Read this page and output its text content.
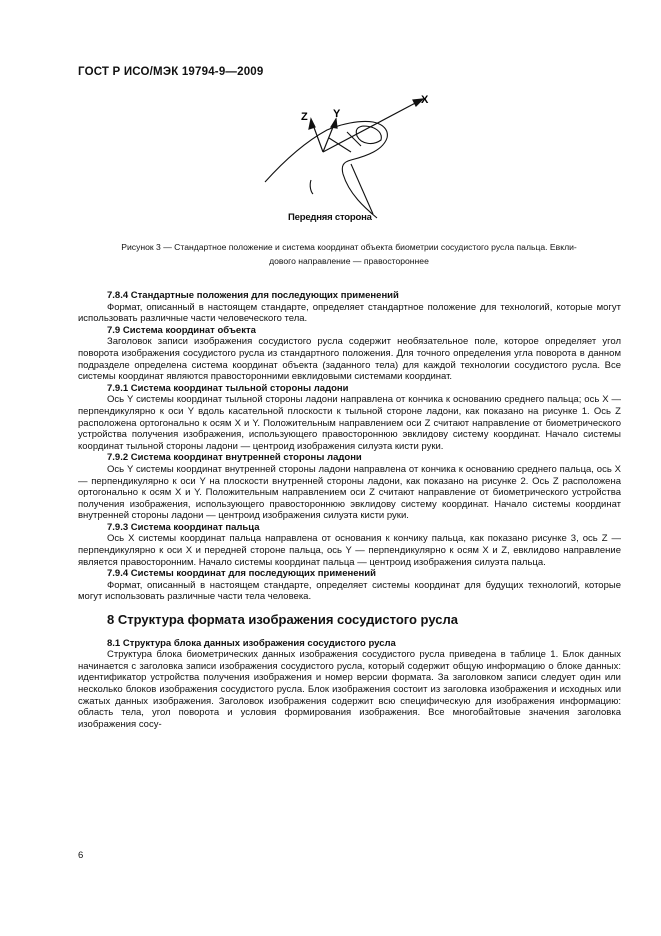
ГОСТ Р ИСО/МЭК 19794-9—2009
X
Z Y
Передняя сторона
Рисунок 3 — Стандартное положение и система координат объекта биометрии сосудистого русла пальца. Евкли-
дового направление — правостороннее
7.8.4 Стандартные положения для последующих применений

Формат, описанный в настоящем стандарте, определяет стандартное положение для технологий, которые могут использовать различные части человеческого тела.

7.9 Система координат объекта

Заголовок записи изображения сосудистого русла содержит необязательное поле, которое определяет угол поворота изображения сосудистого русла из стандартного положения. Для точного определения угла поворота в данном подразделе определена система координат объекта (заданного тела) для каждой технологии сосудистого русла. Все системы координат являются правосторонними евклидовыми системами координат.

7.9.1 Система координат тыльной стороны ладони

Ось Y системы координат тыльной стороны ладони направлена от кончика к основанию среднего пальца; ось X — перпендикулярно к оси Y вдоль касательной плоскости к тыльной стороне ладони, как показано на рисунке 1. Ось Z расположена ортогонально к осям X и Y. Положительным направлением оси Z считают направление от биометрического устройства получения изображения, использующего правостороннюю эвклидову систему координат. Начало системы координат тыльной стороны ладони — центроид изображения силуэта кисти руки.

7.9.2 Система координат внутренней стороны ладони

Ось Y системы координат внутренней стороны ладони направлена от кончика к основанию среднего пальца, ось X — перпендикулярно к оси Y на плоскости внутренней стороны ладони, как показано на рисунке 2. Ось Z расположена ортогонально к осям X и Y. Положительным направлением оси Z считают направление от биометрического устройства получения изображения, использующего правостороннюю эвклидову систему координат. Начало системы координат внутренней стороны ладони — центроид изображения силуэта кисти руки.

7.9.3 Система координат пальца

Ось X системы координат пальца направлена от основания к кончику пальца, как показано рисунке 3, ось Z — перпендикулярно к оси X и передней стороне пальца, ось Y — перпендикулярно к осям X и Z, евклидово направление является правосторонним. Начало системы координат пальца — центроид изображения силуэта пальца.

7.9.4 Системы координат для последующих применений

Формат, описанный в настоящем стандарте, определяет системы координат для будущих технологий, которые могут использовать различные части тела человека.

8 Структура формата изображения сосудистого русла
8.1 Структура блока данных изображения сосудистого русла

Структура блока биометрических данных изображения сосудистого русла приведена в таблице 1. Блок данных начинается с заголовка записи изображения сосудистого русла, который содержит общую информацию о блоке данных: идентификатор устройства получения изображения и номер версии формата. За заголовком записи следует один или несколько блоков изображения сосудистого русла. Блок изображения состоит из заголовка изображения и исходных или сжатых данных изображения. Заголовок изображения содержит всю специфическую для изображения информацию: область тела, угол поворота и условия формирования изображения. Все многобайтовые значения заголовка изображения сосу-

6
